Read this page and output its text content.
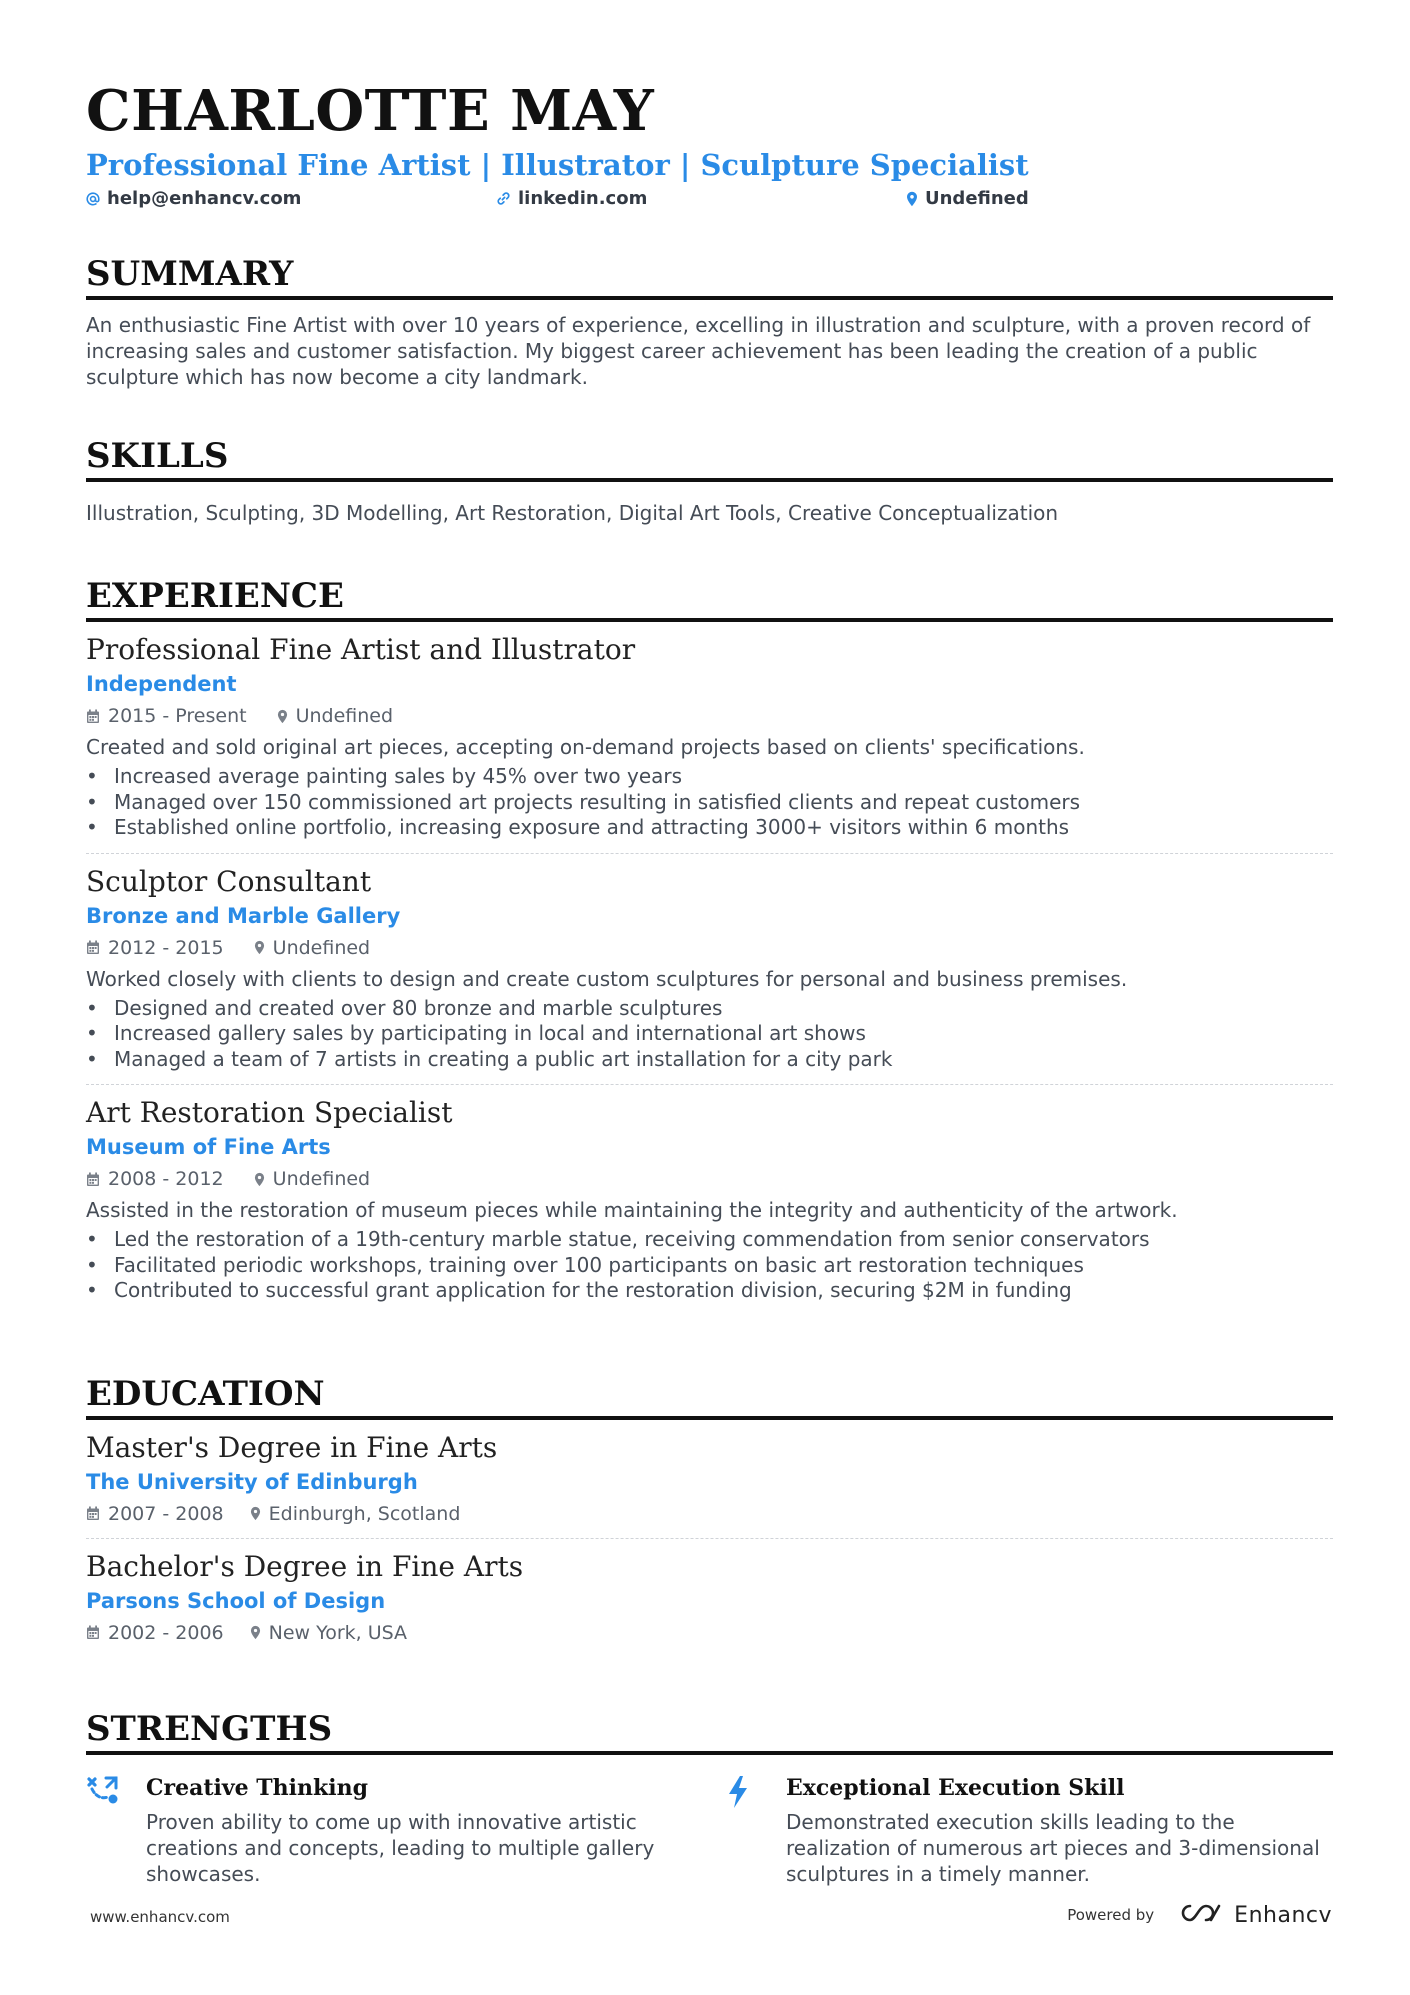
CHARLOTTE MAY
Professional Fine Artist | Illustrator | Sculpture Specialist
help@enhancv.com	linkedin.com	Undefined
SUMMARY
An enthusiastic Fine Artist with over 10 years of experience, excelling in illustration and sculpture, with a proven record of increasing sales and customer satisfaction. My biggest career achievement has been leading the creation of a public sculpture which has now become a city landmark.
SKILLS
Illustration, Sculpting, 3D Modelling, Art Restoration, Digital Art Tools, Creative Conceptualization
EXPERIENCE
Professional Fine Artist and Illustrator
Independent
2015 - Present	Undefined
Created and sold original art pieces, accepting on-demand projects based on clients' specifications.
• Increased average painting sales by 45% over two years
• Managed over 150 commissioned art projects resulting in satisfied clients and repeat customers
• Established online portfolio, increasing exposure and attracting 3000+ visitors within 6 months
Sculptor Consultant
Bronze and Marble Gallery
2012 - 2015	Undefined
Worked closely with clients to design and create custom sculptures for personal and business premises.
• Designed and created over 80 bronze and marble sculptures
• Increased gallery sales by participating in local and international art shows
• Managed a team of 7 artists in creating a public art installation for a city park
Art Restoration Specialist
Museum of Fine Arts
2008 - 2012	Undefined
Assisted in the restoration of museum pieces while maintaining the integrity and authenticity of the artwork.
• Led the restoration of a 19th-century marble statue, receiving commendation from senior conservators
• Facilitated periodic workshops, training over 100 participants on basic art restoration techniques
• Contributed to successful grant application for the restoration division, securing $2M in funding
EDUCATION
Master's Degree in Fine Arts
The University of Edinburgh
2007 - 2008 Edinburgh, Scotland
Bachelor's Degree in Fine Arts
Parsons School of Design
2002 - 2006 New York, USA
STRENGTHS
Creative Thinking
Proven ability to come up with innovative artistic creations and concepts, leading to multiple gallery showcases.
Exceptional Execution Skill
Demonstrated execution skills leading to the realization of numerous art pieces and 3-dimensional sculptures in a timely manner.
www.enhancv.com	Powered by	Enhancv
